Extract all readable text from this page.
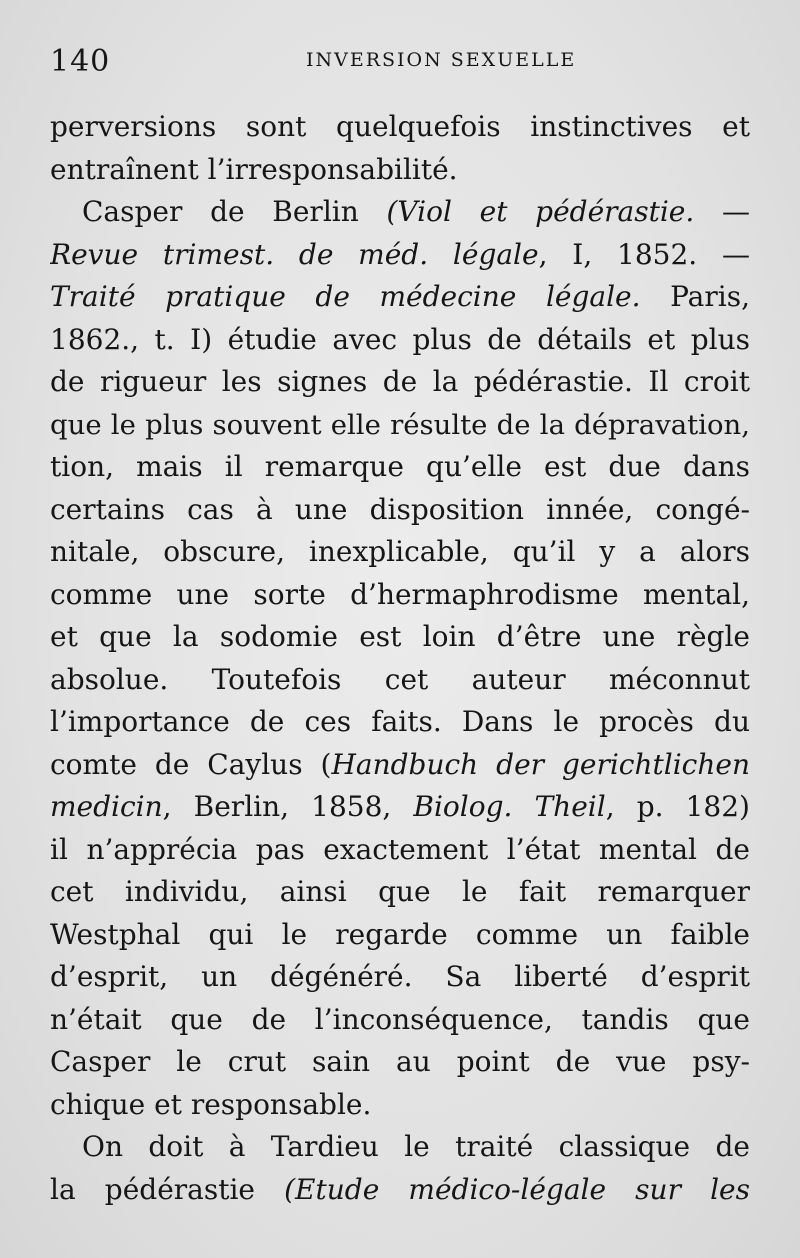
140	INVERSION SEXUELLE
perversions sont quelquefois instinctives et
entraînent l’irresponsabilité.
Casper de Berlin (Viol et pédérastie. —
Revue trimest. de méd. légale, I, 1852. —
Traité pratique de médecine légale. Paris,
1862., t. I) étudie avec plus de détails et plus
de rigueur les signes de la pédérastie. Il croit
que le plus souvent elle résulte de la dépravation,
tion, mais il remarque qu’elle est due dans
certains cas à une disposition innée, congé-
nitale, obscure, inexplicable, qu’il y a alors
comme une sorte d’hermaphrodisme mental,
et que la sodomie est loin d’être une règle
absolue. Toutefois cet auteur méconnut
l’importance de ces faits. Dans le procès du
comte de Caylus (Handbuch der gerichtlichen
medicin, Berlin, 1858, Biolog. Theil, p. 182)
il n’apprécia pas exactement l’état mental de
cet individu, ainsi que le fait remarquer
Westphal qui le regarde comme un faible
d’esprit, un dégénéré. Sa liberté d’esprit
n’était que de l’inconséquence, tandis que
Casper le crut sain au point de vue psy-
chique et responsable.
On doit à Tardieu le traité classique de
la pédérastie (Etude médico-légale sur les
